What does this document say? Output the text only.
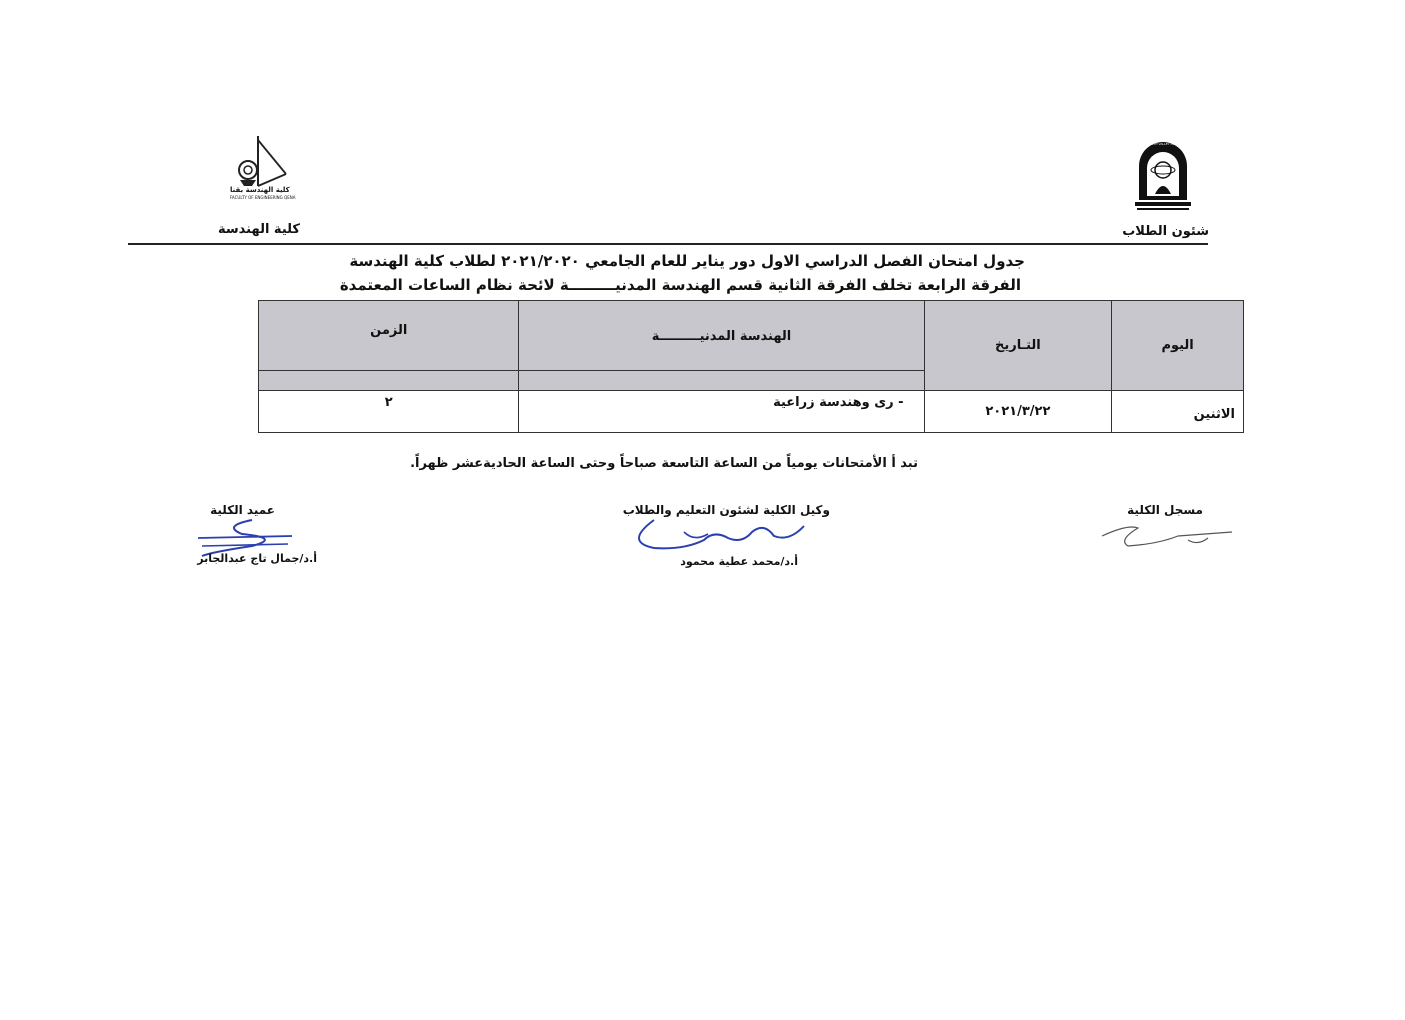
كلية الهندسة بقنا
FACULTY OF ENGINEERING QENA
كلية الهندسة
SOUTH VALLEY UNIVERSITY
شئون الطلاب
جدول امتحان الفصل الدراسي الاول دور يناير للعام الجامعي ٢٠٢١/٢٠٢٠ لطلاب كلية الهندسة
الفرقة الرابعة تخلف الفرقة الثانية قسم الهندسة المدنيـــــــــة لائحة نظام الساعات المعتمدة
اليوم	التـاريخ	الهندسة المدنيـــــــــة	الزمن

الاثنين	٢٠٢١/٣/٢٢	- رى وهندسة زراعية	٢
تبد أ الأمتحانات يومياً من الساعة التاسعة صباحاً وحتى الساعة الحاديةعشر ظهراً.
مسجل الكلية
وكيل الكلية لشئون التعليم والطلاب
أ.د/محمد عطية محمود
عميد الكلية
أ.د/جمال تاج عبدالجابر
